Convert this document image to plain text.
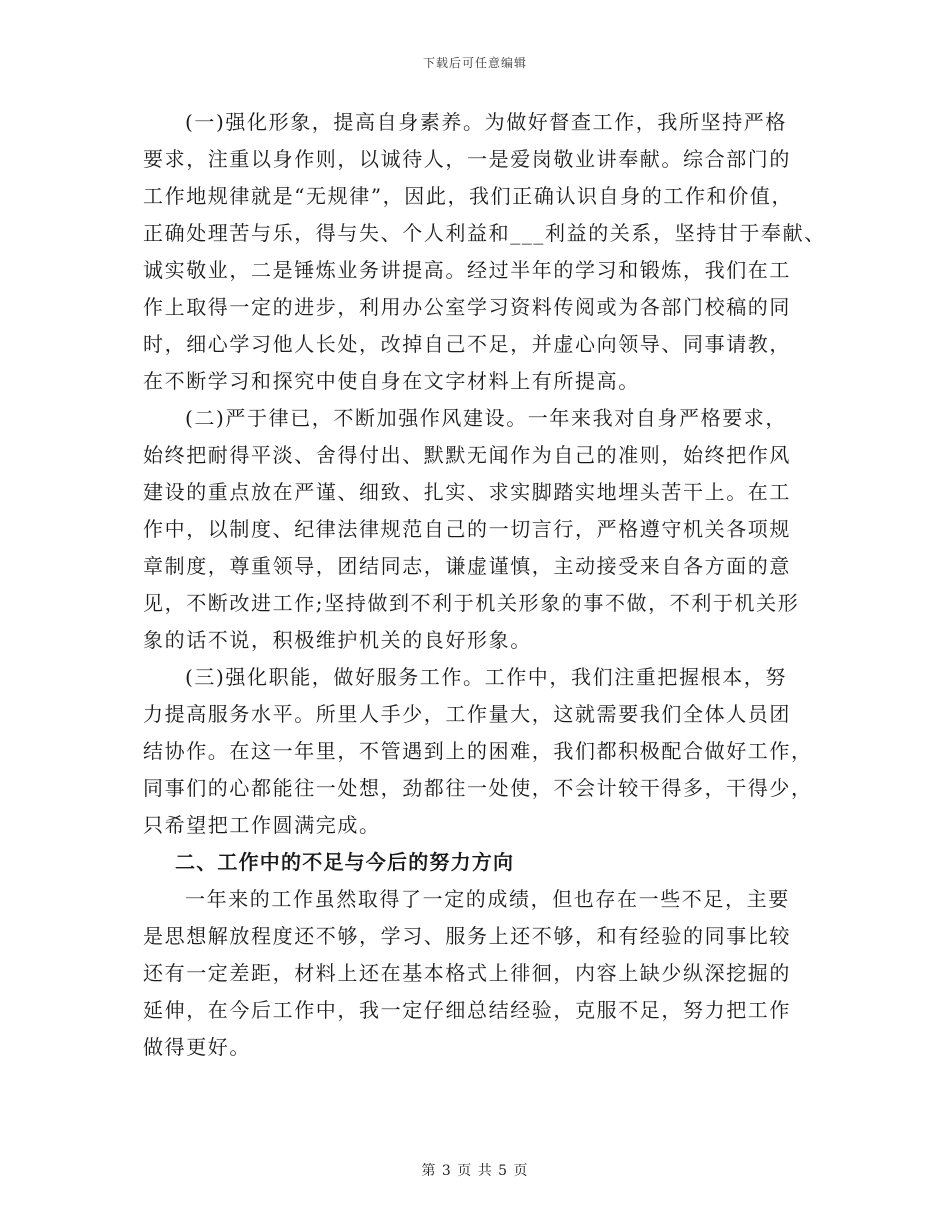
下载后可任意编辑
(一)强化形象，提高自身素养。为做好督查工作，我所坚持严格
要求，注重以身作则，以诚待人，一是爱岗敬业讲奉献。综合部门的
工作地规律就是“无规律”，因此，我们正确认识自身的工作和价值，
正确处理苦与乐，得与失、个人利益和___利益的关系，坚持甘于奉献、
诚实敬业，二是锤炼业务讲提高。经过半年的学习和锻炼，我们在工
作上取得一定的进步，利用办公室学习资料传阅或为各部门校稿的同
时，细心学习他人长处，改掉自己不足，并虚心向领导、同事请教，
在不断学习和探究中使自身在文字材料上有所提高。
(二)严于律已，不断加强作风建设。一年来我对自身严格要求，
始终把耐得平淡、舍得付出、默默无闻作为自己的准则，始终把作风
建设的重点放在严谨、细致、扎实、求实脚踏实地埋头苦干上。在工
作中，以制度、纪律法律规范自己的一切言行，严格遵守机关各项规
章制度，尊重领导，团结同志，谦虚谨慎，主动接受来自各方面的意
见，不断改进工作;坚持做到不利于机关形象的事不做，不利于机关形
象的话不说，积极维护机关的良好形象。
(三)强化职能，做好服务工作。工作中，我们注重把握根本，努
力提高服务水平。所里人手少，工作量大，这就需要我们全体人员团
结协作。在这一年里，不管遇到上的困难，我们都积极配合做好工作，
同事们的心都能往一处想，劲都往一处使，不会计较干得多，干得少，
只希望把工作圆满完成。
二、工作中的不足与今后的努力方向
一年来的工作虽然取得了一定的成绩，但也存在一些不足，主要
是思想解放程度还不够，学习、服务上还不够，和有经验的同事比较
还有一定差距，材料上还在基本格式上徘徊，内容上缺少纵深挖掘的
延伸，在今后工作中，我一定仔细总结经验，克服不足，努力把工作
做得更好。
第 3 页 共 5 页
